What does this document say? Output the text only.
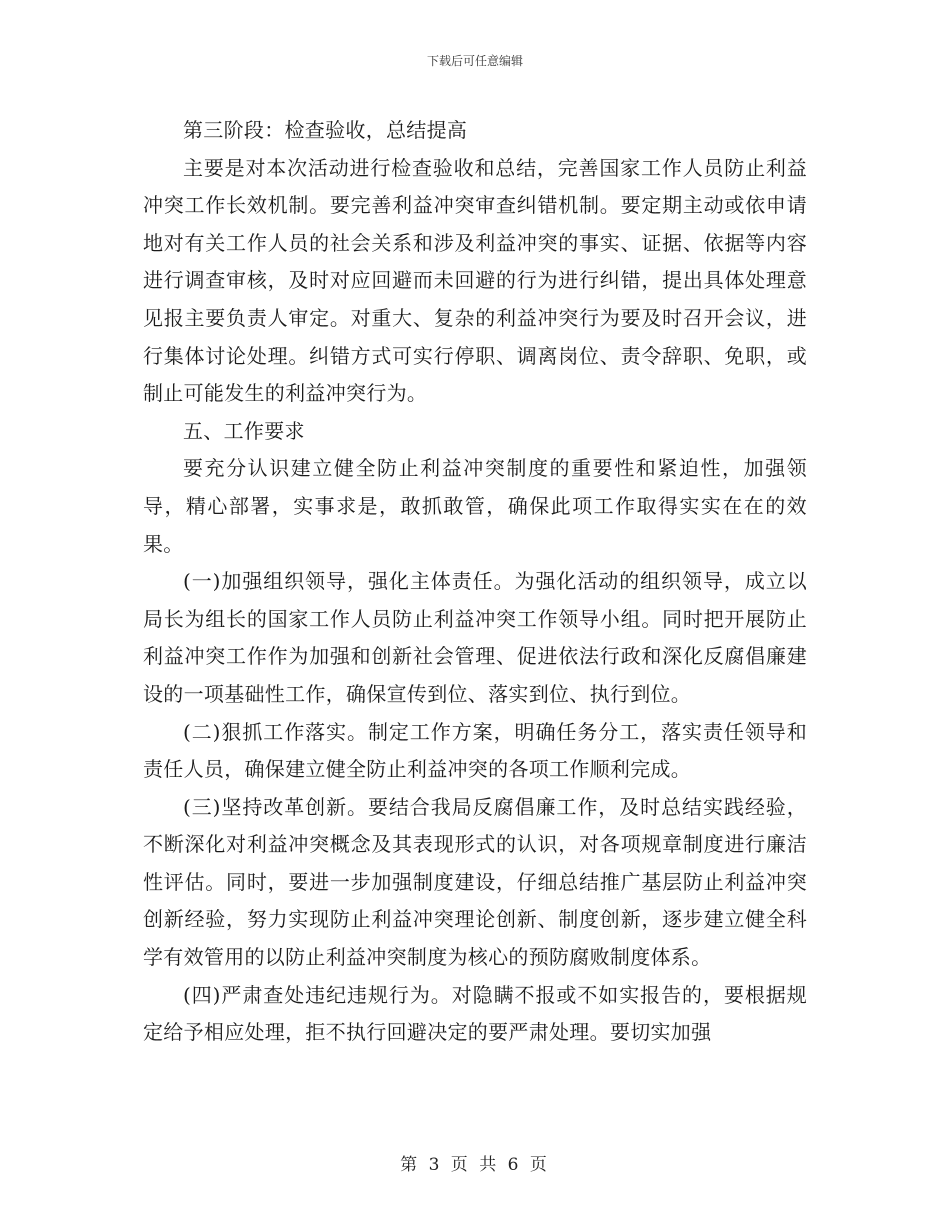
下载后可任意编辑

第三阶段：检查验收，总结提高

主要是对本次活动进行检查验收和总结，完善国家工作人员防止利益冲突工作长效机制。要完善利益冲突审查纠错机制。要定期主动或依申请地对有关工作人员的社会关系和涉及利益冲突的事实、证据、依据等内容进行调查审核，及时对应回避而未回避的行为进行纠错，提出具体处理意见报主要负责人审定。对重大、复杂的利益冲突行为要及时召开会议，进行集体讨论处理。纠错方式可实行停职、调离岗位、责令辞职、免职，或制止可能发生的利益冲突行为。

五、工作要求

要充分认识建立健全防止利益冲突制度的重要性和紧迫性，加强领导，精心部署，实事求是，敢抓敢管，确保此项工作取得实实在在的效果。

(一)加强组织领导，强化主体责任。为强化活动的组织领导，成立以局长为组长的国家工作人员防止利益冲突工作领导小组。同时把开展防止利益冲突工作作为加强和创新社会管理、促进依法行政和深化反腐倡廉建设的一项基础性工作，确保宣传到位、落实到位、执行到位。

(二)狠抓工作落实。制定工作方案，明确任务分工，落实责任领导和责任人员，确保建立健全防止利益冲突的各项工作顺利完成。

(三)坚持改革创新。要结合我局反腐倡廉工作，及时总结实践经验，不断深化对利益冲突概念及其表现形式的认识，对各项规章制度进行廉洁性评估。同时，要进一步加强制度建设，仔细总结推广基层防止利益冲突创新经验，努力实现防止利益冲突理论创新、制度创新，逐步建立健全科学有效管用的以防止利益冲突制度为核心的预防腐败制度体系。

(四)严肃查处违纪违规行为。对隐瞒不报或不如实报告的，要根据规定给予相应处理，拒不执行回避决定的要严肃处理。要切实加强

第 3 页 共 6 页
